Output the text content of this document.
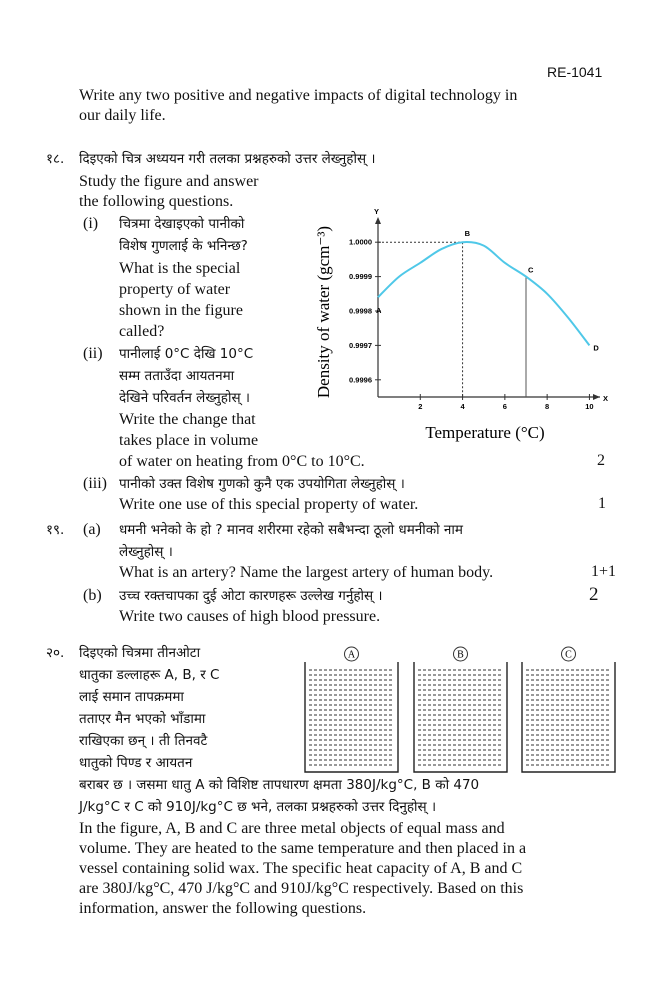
RE-1041
Write any two positive and negative impacts of digital technology in
our daily life.
१८. दिइएको चित्र अध्ययन गरी तलका प्रश्नहरुको उत्तर लेख्नुहोस् ।
Study the figure and answer
the following questions.
(i) चित्रमा देखाइएको पानीको
विशेष गुणलाई के भनिन्छ?
What is the special
property of water
shown in the figure
called?
(ii) पानीलाई 0°C देखि 10°C
सम्म तताउँदा आयतनमा
देखिने परिवर्तन लेख्नुहोस् ।
Write the change that
takes place in volume
of water on heating from 0°C to 10°C.	2
(iii) पानीको उक्त विशेष गुणको कुनै एक उपयोगिता लेख्नुहोस् ।
Write one use of this special property of water.	1
X
Y
0.9996
0.9997
0.9998
0.9999
1.0000
2	4	6	8	10
A
B
C
D
Temperature (°C)
Density of water (gcm⁻³)
१९. (a) धमनी भनेको के हो ? मानव शरीरमा रहेको सबैभन्दा ठूलो धमनीको नाम
लेख्नुहोस् ।
What is an artery? Name the largest artery of human body.	1+1
(b) उच्च रक्तचापका दुई ओटा कारणहरू उल्लेख गर्नुहोस् ।	2
Write two causes of high blood pressure.
२०. दिइएको चित्रमा तीनओटा
धातुका डल्लाहरू A, B, र C
लाई समान तापक्रममा
तताएर मैन भएको भाँडामा
राखिएका छन् । ती तिनवटै
धातुको पिण्ड र आयतन
बराबर छ । जसमा धातु A को विशिष्ट तापधारण क्षमता 380J/kg°C, B को 470
J/kg°C र C को 910J/kg°C छ भने, तलका प्रश्नहरुको उत्तर दिनुहोस् ।
In the figure, A, B and C are three metal objects of equal mass and
volume. They are heated to the same temperature and then placed in a
vessel containing solid wax. The specific heat capacity of A, B and C
are 380J/kg°C, 470 J/kg°C and 910J/kg°C respectively. Based on this
information, answer the following questions.
A	B	C
